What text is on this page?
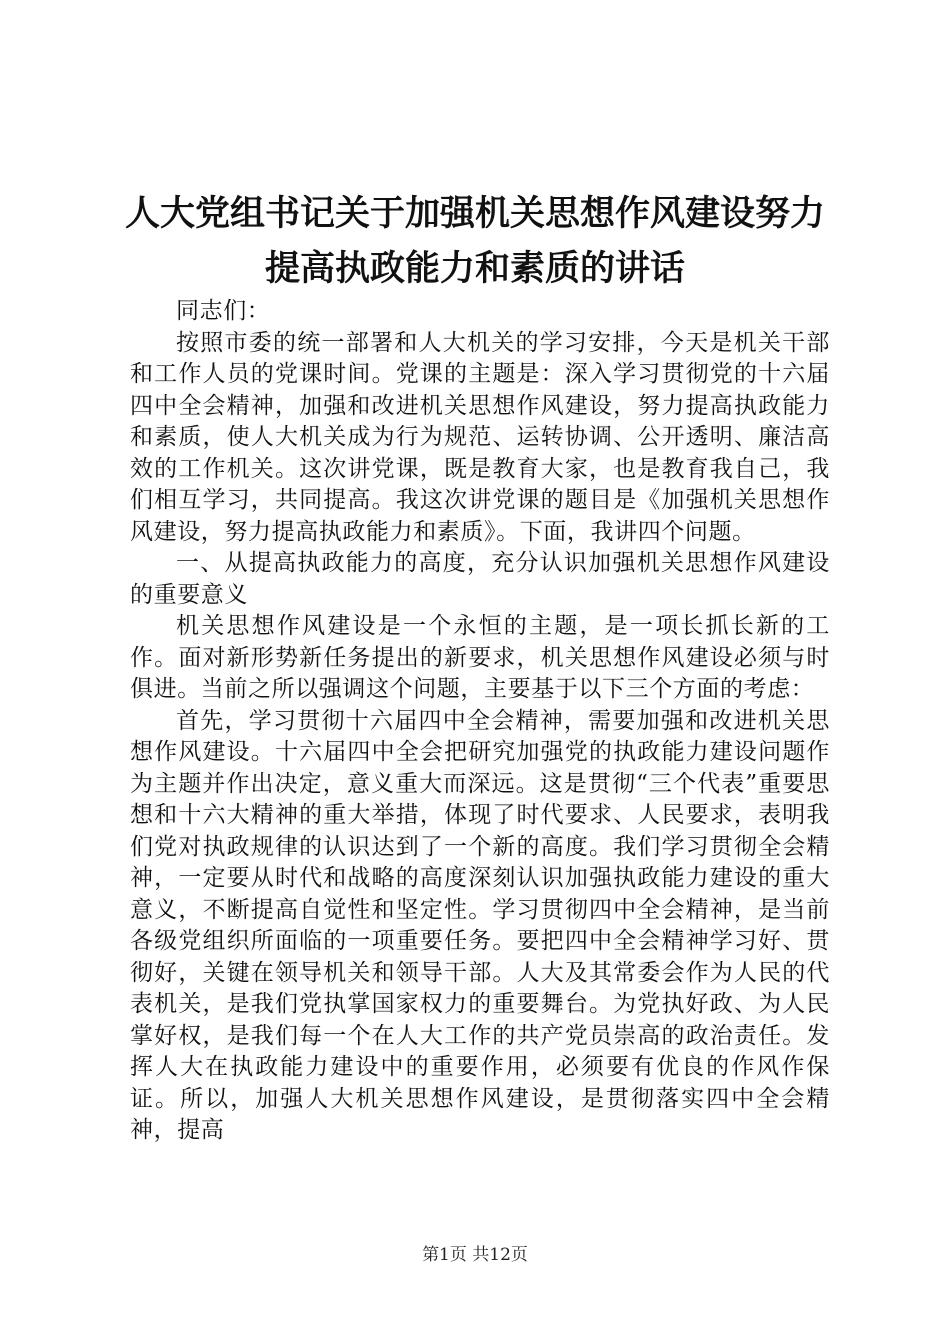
人大党组书记关于加强机关思想作风建设努力
提高执政能力和素质的讲话

同志们：

按照市委的统一部署和人大机关的学习安排，今天是机关干部和工作人员的党课时间。党课的主题是：深入学习贯彻党的十六届四中全会精神，加强和改进机关思想作风建设，努力提高执政能力和素质，使人大机关成为行为规范、运转协调、公开透明、廉洁高效的工作机关。这次讲党课，既是教育大家，也是教育我自己，我们相互学习，共同提高。我这次讲党课的题目是《加强机关思想作风建设，努力提高执政能力和素质》。下面，我讲四个问题。

一、从提高执政能力的高度，充分认识加强机关思想作风建设的重要意义

机关思想作风建设是一个永恒的主题，是一项长抓长新的工作。面对新形势新任务提出的新要求，机关思想作风建设必须与时俱进。当前之所以强调这个问题，主要基于以下三个方面的考虑：

首先，学习贯彻十六届四中全会精神，需要加强和改进机关思想作风建设。十六届四中全会把研究加强党的执政能力建设问题作为主题并作出决定，意义重大而深远。这是贯彻“三个代表”重要思想和十六大精神的重大举措，体现了时代要求、人民要求，表明我们党对执政规律的认识达到了一个新的高度。我们学习贯彻全会精神，一定要从时代和战略的高度深刻认识加强执政能力建设的重大意义，不断提高自觉性和坚定性。学习贯彻四中全会精神，是当前各级党组织所面临的一项重要任务。要把四中全会精神学习好、贯彻好，关键在领导机关和领导干部。人大及其常委会作为人民的代表机关，是我们党执掌国家权力的重要舞台。为党执好政、为人民掌好权，是我们每一个在人大工作的共产党员崇高的政治责任。发挥人大在执政能力建设中的重要作用，必须要有优良的作风作保证。所以，加强人大机关思想作风建设，是贯彻落实四中全会精神，提高

第1页 共12页
